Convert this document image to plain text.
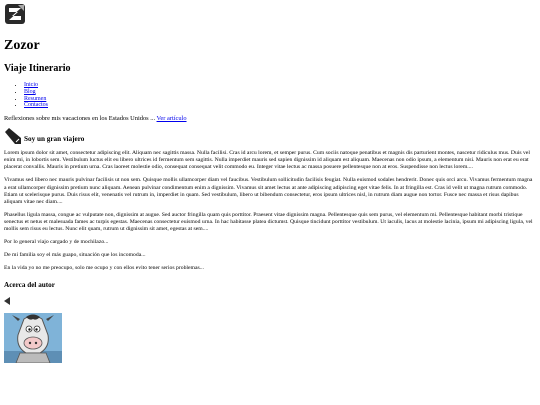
Zozor
Viaje Itinerario
• Inicio
• Blog
• Resumen
• Contactos

Reflexiones sobre mis vacaciones en los Estados Unidos ... Ver artículo

Soy un gran viajero

Lorem ipsum dolor sit amet, consectetur adipiscing elit. Aliquam nec sagittis massa. Nulla facilisi. Cras id arcu lorem, et semper purus. Cum sociis natoque penatibus et magnis dis parturient montes, nascetur ridiculus mus. Duis vel enim mi, in lobortis sem. Vestibulum luctus elit eu libero ultrices id fermentum sem sagittis. Nulla imperdiet mauris sed sapien dignissim id aliquam est aliquam. Maecenas non odio ipsum, a elementum nisi. Mauris non erat eu erat placerat convallis. Mauris in pretium urna. Cras laoreet molestie odio, consequat consequat velit commodo eu. Integer vitae lectus ac massa posuere pellentesque non at eros. Suspendisse non lectus lorem....

Vivamus sed libero nec mauris pulvinar facilisis ut non sem. Quisque mollis ullamcorper diam vel faucibus. Vestibulum sollicitudin facilisis feugiat. Nulla euismod sodales hendrerit. Donec quis orci arcu. Vivamus fermentum magna a erat ullamcorper dignissim pretium nunc aliquam. Aenean pulvinar condimentum enim a dignissim. Vivamus sit amet lectus at ante adipiscing adipiscing eget vitae felis. In at fringilla est. Cras id velit ut magna rutrum commodo. Etiam ut scelerisque purus. Duis risus elit, venenatis vel rutrum in, imperdiet in quam. Sed vestibulum, libero ut bibendum consectetur, eros ipsum ultrices nisl, in rutrum diam augue non tortor. Fusce nec massa et risus dapibus aliquam vitae nec diam....

Phasellus ligula massa, congue ac vulputate non, dignissim at augue. Sed auctor fringilla quam quis porttitor. Praesent vitae dignissim magna. Pellentesque quis sem purus, vel elementum mi. Pellentesque habitant morbi tristique senectus et netus et malesuada fames ac turpis egestas. Maecenas consectetur euismod urna. In hac habitasse platea dictumst. Quisque tincidunt porttitor vestibulum. Ut iaculis, lacus at molestie lacinia, ipsum mi adipiscing ligula, vel mollis sem risus eu lectus. Nunc elit quam, rutrum ut dignissim sit amet, egestas at sem....

Por lo general viajo cargado y de mochilazo...

De mi familia soy el más guapo, situación que los incomoda...

En la vida yo no me preocupo, solo me ocupo y con ellos evito tener serios problemas...

Acerca del autor
